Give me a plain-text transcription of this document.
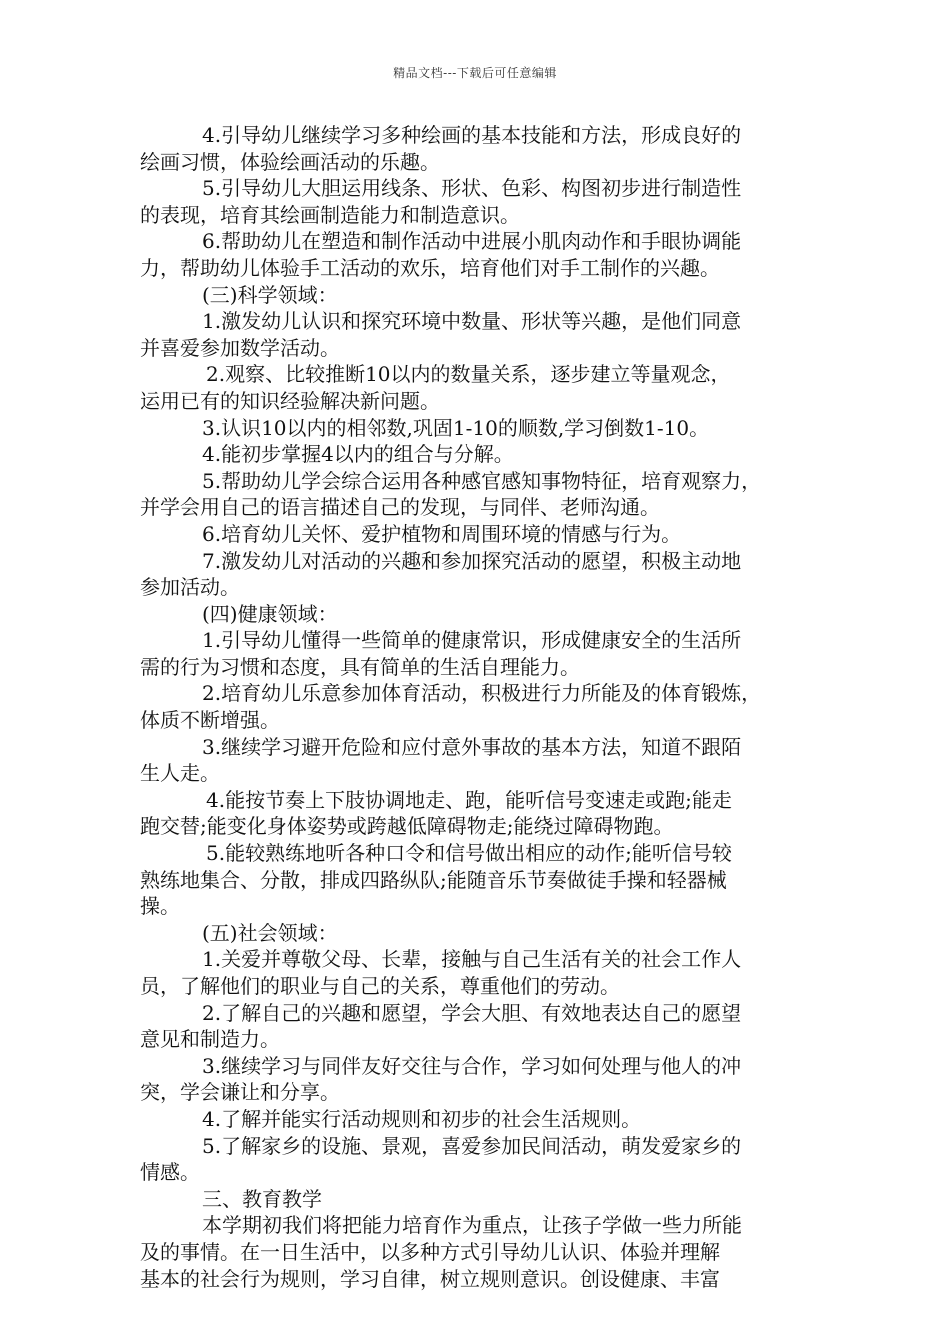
精品文档---下载后可任意编辑
4.引导幼儿继续学习多种绘画的基本技能和方法，形成良好的
绘画习惯，体验绘画活动的乐趣。
5.引导幼儿大胆运用线条、形状、色彩、构图初步进行制造性
的表现，培育其绘画制造能力和制造意识。
6.帮助幼儿在塑造和制作活动中进展小肌肉动作和手眼协调能
力，帮助幼儿体验手工活动的欢乐，培育他们对手工制作的兴趣。
(三)科学领域：
1.激发幼儿认识和探究环境中数量、形状等兴趣，是他们同意
并喜爱参加数学活动。
2.观察、比较推断10以内的数量关系，逐步建立等量观念，
运用已有的知识经验解决新问题。
3.认识10以内的相邻数,巩固1-10的顺数,学习倒数1-10。
4.能初步掌握4以内的组合与分解。
5.帮助幼儿学会综合运用各种感官感知事物特征，培育观察力，
并学会用自己的语言描述自己的发现，与同伴、老师沟通。
6.培育幼儿关怀、爱护植物和周围环境的情感与行为。
7.激发幼儿对活动的兴趣和参加探究活动的愿望，积极主动地
参加活动。
(四)健康领域：
1.引导幼儿懂得一些简单的健康常识，形成健康安全的生活所
需的行为习惯和态度，具有简单的生活自理能力。
2.培育幼儿乐意参加体育活动，积极进行力所能及的体育锻炼，
体质不断增强。
3.继续学习避开危险和应付意外事故的基本方法，知道不跟陌
生人走。
4.能按节奏上下肢协调地走、跑，能听信号变速走或跑;能走
跑交替;能变化身体姿势或跨越低障碍物走;能绕过障碍物跑。
5.能较熟练地听各种口令和信号做出相应的动作;能听信号较
熟练地集合、分散，排成四路纵队;能随音乐节奏做徒手操和轻器械
操。
(五)社会领域：
1.关爱并尊敬父母、长辈，接触与自己生活有关的社会工作人
员，了解他们的职业与自己的关系，尊重他们的劳动。
2.了解自己的兴趣和愿望，学会大胆、有效地表达自己的愿望
意见和制造力。
3.继续学习与同伴友好交往与合作，学习如何处理与他人的冲
突，学会谦让和分享。
4.了解并能实行活动规则和初步的社会生活规则。
5.了解家乡的设施、景观，喜爱参加民间活动，萌发爱家乡的
情感。
三、教育教学
本学期初我们将把能力培育作为重点，让孩子学做一些力所能
及的事情。在一日生活中，以多种方式引导幼儿认识、体验并理解
基本的社会行为规则，学习自律，树立规则意识。创设健康、丰富
